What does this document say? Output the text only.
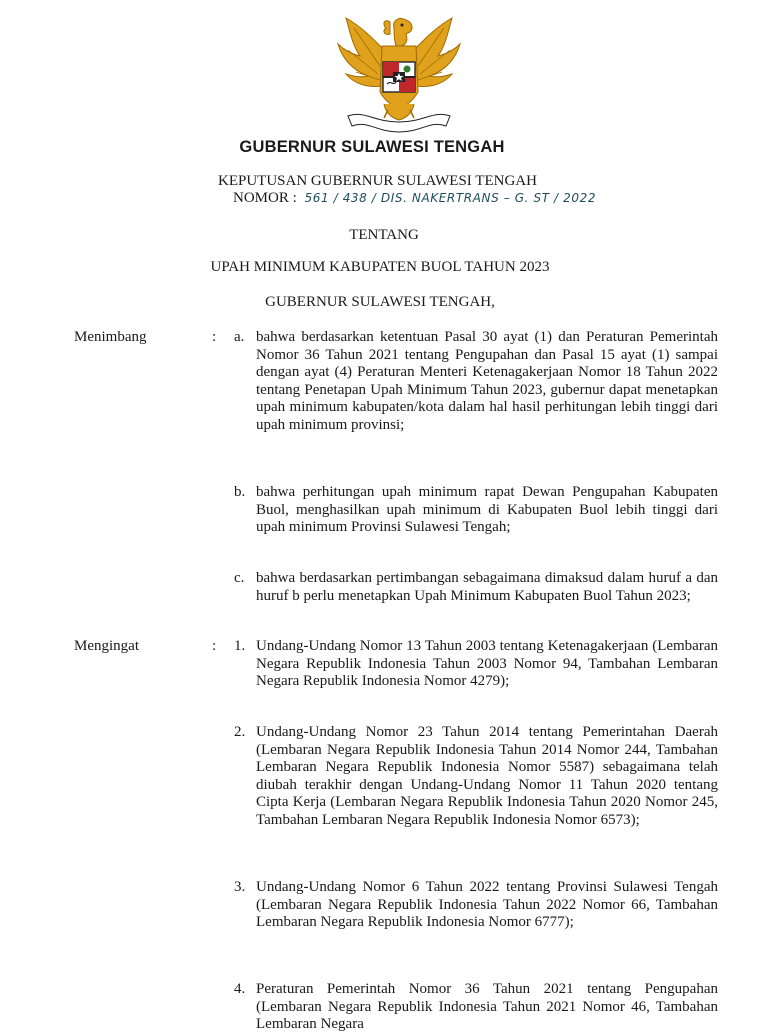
GUBERNUR SULAWESI TENGAH
KEPUTUSAN GUBERNUR SULAWESI TENGAH
NOMOR : 561 / 438 / DIS. NAKERTRANS – G. ST / 2022
TENTANG
UPAH MINIMUM KABUPATEN BUOL TAHUN 2023
GUBERNUR SULAWESI TENGAH,
Menimbang	: a. bahwa berdasarkan ketentuan Pasal 30 ayat (1) dan Peraturan Pemerintah Nomor 36 Tahun 2021 tentang Pengupahan dan Pasal 15 ayat (1) sampai dengan ayat (4) Peraturan Menteri Ketenagakerjaan Nomor 18 Tahun 2022 tentang Penetapan Upah Minimum Tahun 2023, gubernur dapat menetapkan upah minimum kabupaten/kota dalam hal hasil perhitungan lebih tinggi dari upah minimum provinsi;
b. bahwa perhitungan upah minimum rapat Dewan Pengupahan Kabupaten Buol, menghasilkan upah minimum di Kabupaten Buol lebih tinggi dari upah minimum Provinsi Sulawesi Tengah;
c. bahwa berdasarkan pertimbangan sebagaimana dimaksud dalam huruf a dan huruf b perlu menetapkan Upah Minimum Kabupaten Buol Tahun 2023;
Mengingat	: 1. Undang-Undang Nomor 13 Tahun 2003 tentang Ketenagakerjaan (Lembaran Negara Republik Indonesia Tahun 2003 Nomor 94, Tambahan Lembaran Negara Republik Indonesia Nomor 4279);
2. Undang-Undang Nomor 23 Tahun 2014 tentang Pemerintahan Daerah (Lembaran Negara Republik Indonesia Tahun 2014 Nomor 244, Tambahan Lembaran Negara Republik Indonesia Nomor 5587) sebagaimana telah diubah terakhir dengan Undang-Undang Nomor 11 Tahun 2020 tentang Cipta Kerja (Lembaran Negara Republik Indonesia Tahun 2020 Nomor 245, Tambahan Lembaran Negara Republik Indonesia Nomor 6573);
3. Undang-Undang Nomor 6 Tahun 2022 tentang Provinsi Sulawesi Tengah (Lembaran Negara Republik Indonesia Tahun 2022 Nomor 66, Tambahan Lembaran Negara Republik Indonesia Nomor 6777);
4. Peraturan Pemerintah Nomor 36 Tahun 2021 tentang Pengupahan (Lembaran Negara Republik Indonesia Tahun 2021 Nomor 46, Tambahan Lembaran Negara
